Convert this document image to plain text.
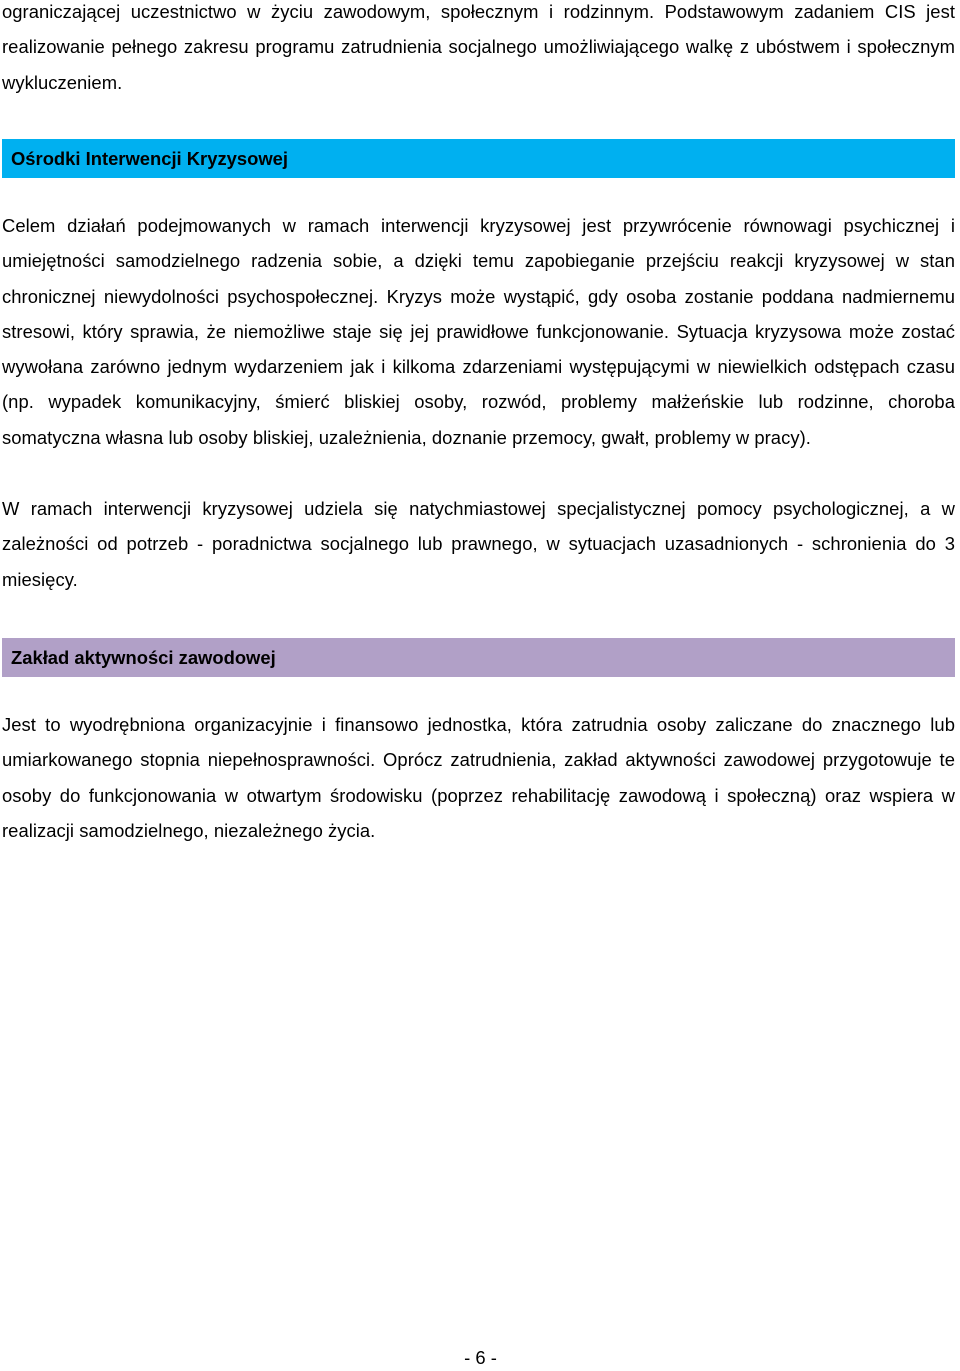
ograniczającej uczestnictwo w życiu zawodowym, społecznym i rodzinnym. Podstawowym zadaniem CIS jest realizowanie pełnego zakresu programu zatrudnienia socjalnego umożliwiającego walkę z ubóstwem i społecznym wykluczeniem.

Ośrodki Interwencji Kryzysowej

Celem działań podejmowanych w ramach interwencji kryzysowej jest przywrócenie równowagi psychicznej i umiejętności samodzielnego radzenia sobie, a dzięki temu zapobieganie przejściu reakcji kryzysowej w stan chronicznej niewydolności psychospołecznej. Kryzys może wystąpić, gdy osoba zostanie poddana nadmiernemu stresowi, który sprawia, że niemożliwe staje się jej prawidłowe funkcjonowanie. Sytuacja kryzysowa może zostać wywołana zarówno jednym wydarzeniem jak i kilkoma zdarzeniami występującymi w niewielkich odstępach czasu (np. wypadek komunikacyjny, śmierć bliskiej osoby, rozwód, problemy małżeńskie lub rodzinne, choroba somatyczna własna lub osoby bliskiej, uzależnienia, doznanie przemocy, gwałt, problemy w pracy).

W ramach interwencji kryzysowej udziela się natychmiastowej specjalistycznej pomocy psychologicznej, a w zależności od potrzeb - poradnictwa socjalnego lub prawnego, w sytuacjach uzasadnionych - schronienia do 3 miesięcy.

Zakład aktywności zawodowej

Jest to wyodrębniona organizacyjnie i finansowo jednostka, która zatrudnia osoby zaliczane do znacznego lub umiarkowanego stopnia niepełnosprawności. Oprócz zatrudnienia, zakład aktywności zawodowej przygotowuje te osoby do funkcjonowania w otwartym środowisku (poprzez rehabilitację zawodową i społeczną) oraz wspiera w realizacji samodzielnego, niezależnego życia.

- 6 -
